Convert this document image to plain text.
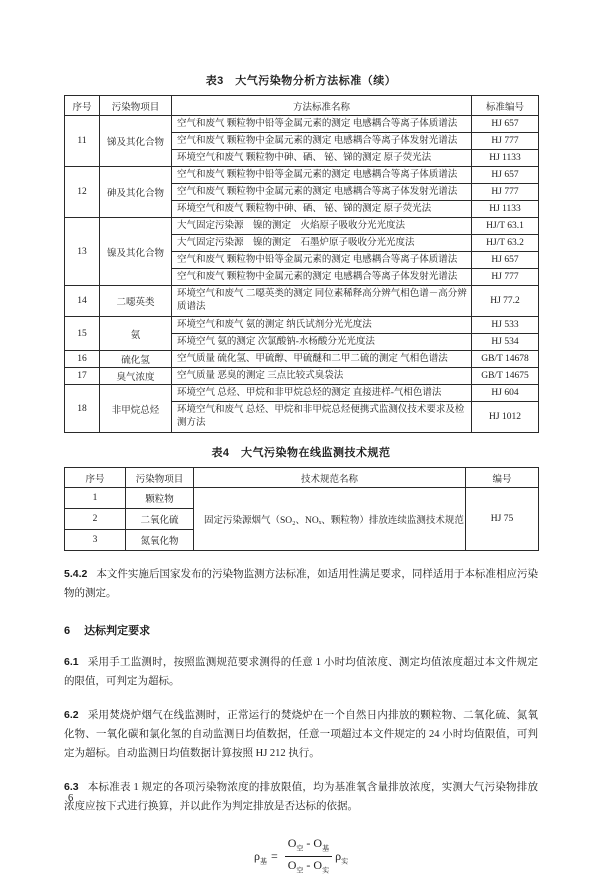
表3　大气污染物分析方法标准（续）
序号	污染物项目	方法标准名称	标准编号
11	锑及其化合物	空气和废气 颗粒物中铅等金属元素的测定 电感耦合等离子体质谱法	HJ 657
		空气和废气 颗粒物中金属元素的测定 电感耦合等离子体发射光谱法	HJ 777
		环境空气和废气 颗粒物中砷、硒、 铋、锑的测定 原子荧光法	HJ 1133
12	砷及其化合物	空气和废气 颗粒物中铅等金属元素的测定 电感耦合等离子体质谱法	HJ 657
		空气和废气 颗粒物中金属元素的测定 电感耦合等离子体发射光谱法	HJ 777
		环境空气和废气 颗粒物中砷、硒、 铋、锑的测定 原子荧光法	HJ 1133
13	镍及其化合物	大气固定污染源　镍的测定　火焰原子吸收分光光度法	HJ/T 63.1
		大气固定污染源　镍的测定　石墨炉原子吸收分光光度法	HJ/T 63.2
		空气和废气 颗粒物中铅等金属元素的测定 电感耦合等离子体质谱法	HJ 657
		空气和废气 颗粒物中金属元素的测定 电感耦合等离子体发射光谱法	HJ 777
14	二噁英类	环境空气和废气 二噁英类的测定 同位素稀释高分辨气相色谱－高分辨质谱法	HJ 77.2
15	氨	环境空气和废气 氨的测定 纳氏试剂分光光度法	HJ 533
		环境空气 氨的测定 次氯酸钠-水杨酸分光光度法	HJ 534
16	硫化氢	空气质量 硫化氢、甲硫醇、甲硫醚和二甲二硫的测定 气相色谱法	GB/T 14678
17	臭气浓度	空气质量 恶臭的测定 三点比较式臭袋法	GB/T 14675
18	非甲烷总烃	环境空气 总烃、甲烷和非甲烷总烃的测定 直接进样-气相色谱法	HJ 604
		环境空气和废气 总烃、甲烷和非甲烷总烃便携式监测仪技术要求及检测方法	HJ 1012
表4　大气污染物在线监测技术规范
序号	污染物项目	技术规范名称	编号
1	颗粒物	固定污染源烟气（SO₂、NOₓ、颗粒物）排放连续监测技术规范	HJ 75
2	二氧化硫		
3	氮氧化物		

5.4.2 本文件实施后国家发布的污染物监测方法标准，如适用性满足要求，同样适用于本标准相应污染物的测定。

6 达标判定要求

6.1 采用手工监测时，按照监测规范要求测得的任意 1 小时均值浓度、测定均值浓度超过本文件规定的限值，可判定为超标。

6.2 采用焚烧炉烟气在线监测时，正常运行的焚烧炉在一个自然日内排放的颗粒物、二氧化硫、氮氧化物、一氧化碳和氯化氢的自动监测日均值数据，任意一项超过本文件规定的 24 小时均值限值，可判定为超标。自动监测日均值数据计算按照 HJ 212 执行。

6.3 本标准表 1 规定的各项污染物浓度的排放限值，均为基准氧含量排放浓度，实测大气污染物排放浓度应按下式进行换算，并以此作为判定排放是否达标的依据。

$\rho_基 = \frac{O_空 - O_基}{O_空 - O_实} \rho_实$
6
